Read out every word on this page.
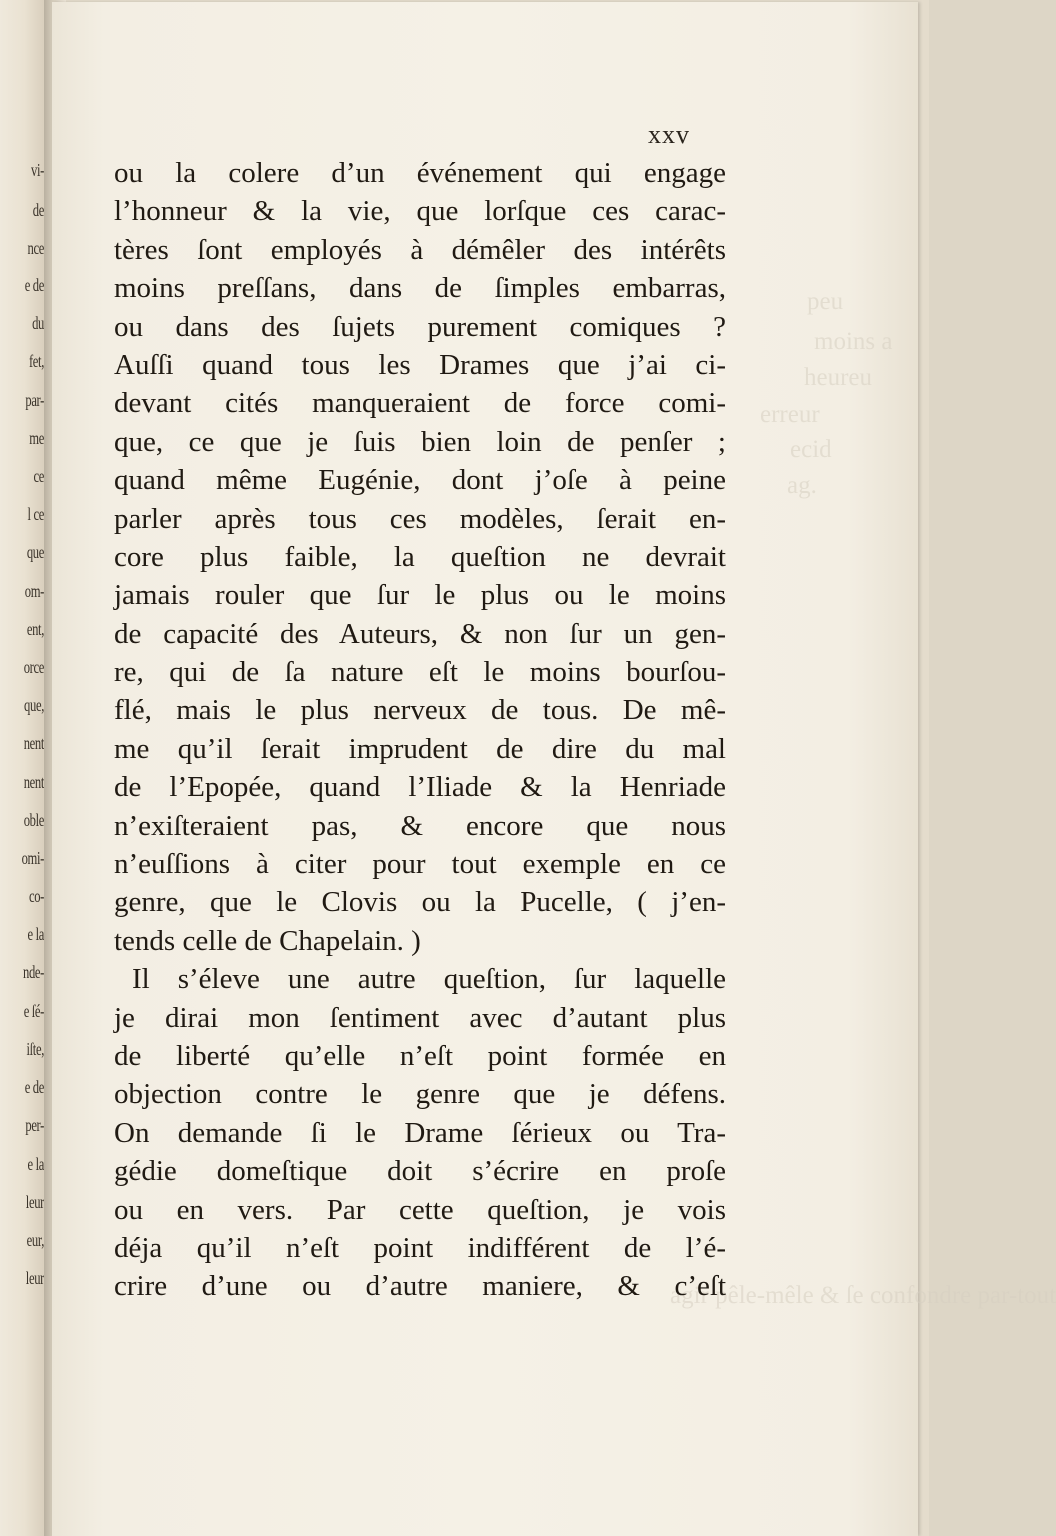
vi-
de
nce
e de
du
fet,
par-
me
ce
l ce
que
om-
ent,
orce
que,
nent
nent
oble
omi-
co-
e la
nde-
e ſé-
iſte,
e de
per-
e la
leur
eur,
leur
peu
moins a
heureu
erreur
ecid
ag.
agir pêle-mêle & ſe confondre par-tout
xxv
ou la colere d’un événement qui engage
l’honneur & la vie, que lorſque ces carac-
tères ſont employés à démêler des intérêts
moins preſſans, dans de ſimples embarras,
ou dans des ſujets purement comiques ?
Auſſi quand tous les Drames que j’ai ci-
devant cités manqueraient de force comi-
que, ce que je ſuis bien loin de penſer ;
quand même Eugénie, dont j’oſe à peine
parler après tous ces modèles, ſerait en-
core plus faible, la queſtion ne devrait
jamais rouler que ſur le plus ou le moins
de capacité des Auteurs, & non ſur un gen-
re, qui de ſa nature eſt le moins bourſou-
flé, mais le plus nerveux de tous. De mê-
me qu’il ſerait imprudent de dire du mal
de l’Epopée, quand l’Iliade & la Henriade
n’exiſteraient pas, & encore que nous
n’euſſions à citer pour tout exemple en ce
genre, que le Clovis ou la Pucelle, ( j’en-
tends celle de Chapelain. )
Il s’éleve une autre queſtion, ſur laquelle
je dirai mon ſentiment avec d’autant plus
de liberté qu’elle n’eſt point formée en
objection contre le genre que je défens.
On demande ſi le Drame ſérieux ou Tra-
gédie domeſtique doit s’écrire en proſe
ou en vers. Par cette queſtion, je vois
déja qu’il n’eſt point indifférent de l’é-
crire d’une ou d’autre maniere, & c’eſt
